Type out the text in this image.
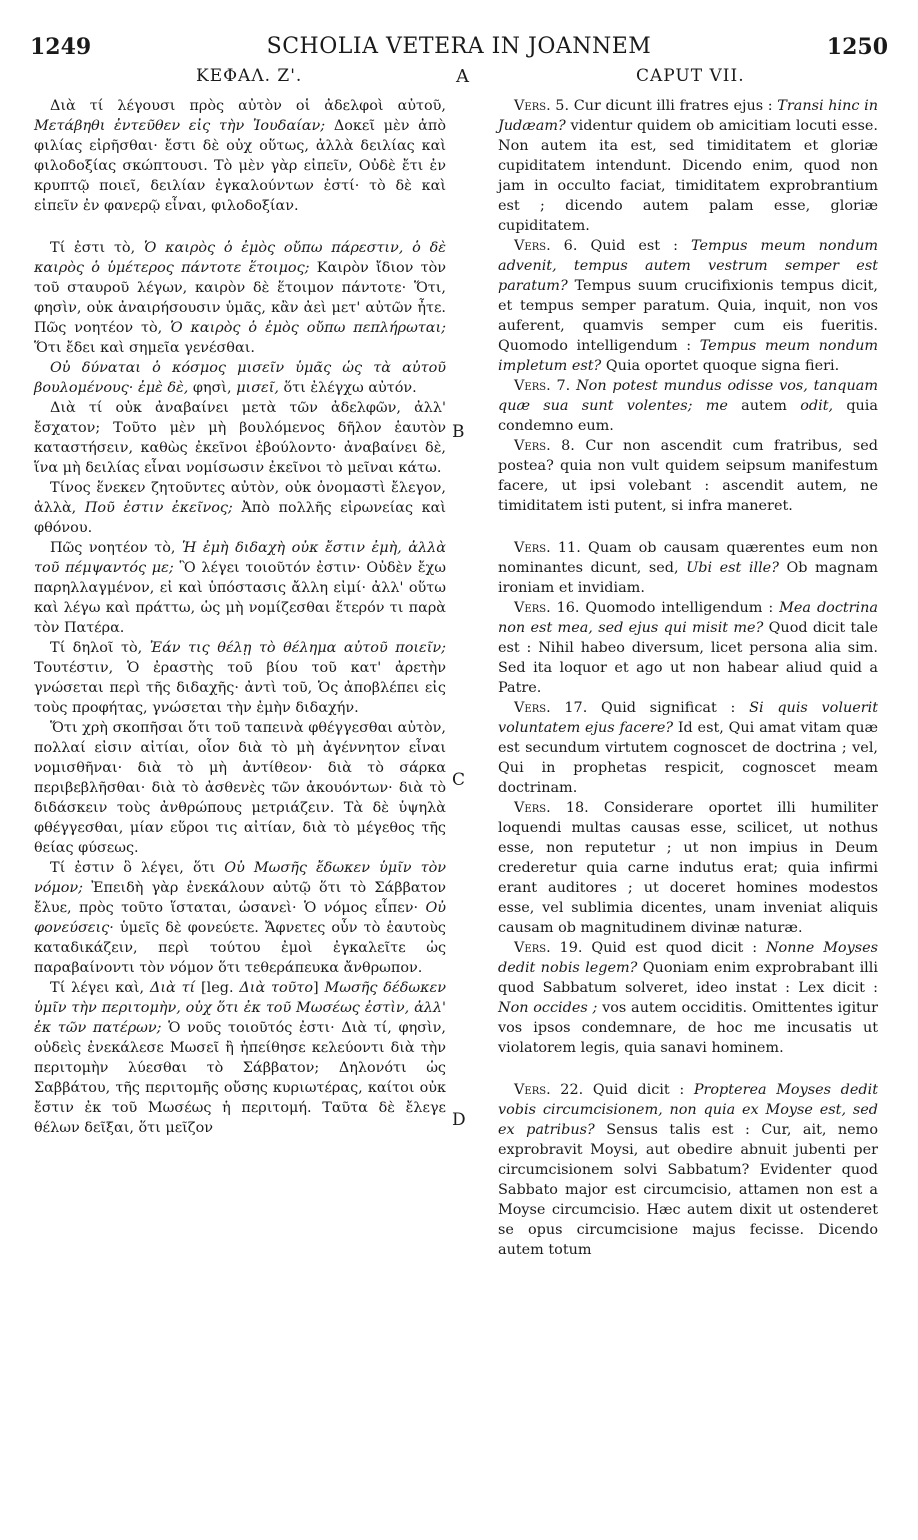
1249	SCHOLIA VETERA IN JOANNEM	1250
ΚΕΦΑΛ. Ζ'.	A	CAPUT VII.

Διὰ τί λέγουσι πρὸς αὐτὸν οἱ ἀδελφοὶ αὐτοῦ, Μετάβηθι ἐντεῦθεν εἰς τὴν Ἰουδαίαν; Δοκεῖ μὲν ἀπὸ φιλίας εἰρῆσθαι· ἔστι δὲ οὐχ οὕτως, ἀλλὰ δειλίας καὶ φιλοδοξίας σκώπτουσι. Τὸ μὲν γὰρ εἰπεῖν, Οὐδὲ ἔτι ἐν κρυπτῷ ποιεῖ, δειλίαν ἐγκαλούντων ἐστί· τὸ δὲ καὶ εἰπεῖν ἐν φανερῷ εἶναι, φιλοδοξίαν.

Τί ἐστι τὸ, Ὁ καιρὸς ὁ ἐμὸς οὔπω πάρεστιν, ὁ δὲ καιρὸς ὁ ὑμέτερος πάντοτε ἕτοιμος; Καιρὸν ἴδιον τὸν τοῦ σταυροῦ λέγων, καιρὸν δὲ ἕτοιμον πάντοτε· Ὅτι, φησὶν, οὐκ ἀναιρήσουσιν ὑμᾶς, κἂν ἀεὶ μετ' αὐτῶν ἦτε. Πῶς νοητέον τὸ, Ὁ καιρὸς ὁ ἐμὸς οὔπω πεπλήρωται; Ὅτι ἔδει καὶ σημεῖα γενέσθαι.

Οὐ δύναται ὁ κόσμος μισεῖν ὑμᾶς ὡς τὰ αὐτοῦ βουλομένους· ἐμὲ δὲ, φησὶ, μισεῖ, ὅτι ἐλέγχω αὐτόν.

Διὰ τί οὐκ ἀναβαίνει μετὰ τῶν ἀδελφῶν, ἀλλ' ἔσχατον; Τοῦτο μὲν μὴ βουλόμενος δῆλον ἑαυτὸν καταστήσειν, καθὼς ἐκεῖνοι ἐβούλοντο· ἀναβαίνει δὲ, ἵνα μὴ δειλίας εἶναι νομίσωσιν ἐκεῖνοι τὸ μεῖναι κάτω.

Τίνος ἕνεκεν ζητοῦντες αὐτὸν, οὐκ ὀνομαστὶ ἔλεγον, ἀλλὰ, Ποῦ ἐστιν ἐκεῖνος; Ἀπὸ πολλῆς εἰρωνείας καὶ φθόνου.

Πῶς νοητέον τὸ, Ἡ ἐμὴ διδαχὴ οὐκ ἔστιν ἐμὴ, ἀλλὰ τοῦ πέμψαντός με; Ὃ λέγει τοιοῦτόν ἐστιν· Οὐδὲν ἔχω παρηλλαγμένον, εἰ καὶ ὑπόστασις ἄλλη εἰμί· ἀλλ' οὕτω καὶ λέγω καὶ πράττω, ὡς μὴ νομίζεσθαι ἕτερόν τι παρὰ τὸν Πατέρα.

Τί δηλοῖ τὸ, Ἐάν τις θέλῃ τὸ θέλημα αὐτοῦ ποιεῖν; Τουτέστιν, Ὁ ἐραστὴς τοῦ βίου τοῦ κατ' ἀρετὴν γνώσεται περὶ τῆς διδαχῆς· ἀντὶ τοῦ, Ὁς ἀποβλέπει εἰς τοὺς προφήτας, γνώσεται τὴν ἐμὴν διδαχήν.

Ὅτι χρὴ σκοπῆσαι ὅτι τοῦ ταπεινὰ φθέγγεσθαι αὐτὸν, πολλαί εἰσιν αἰτίαι, οἷον διὰ τὸ μὴ ἀγέννητον εἶναι νομισθῆναι· διὰ τὸ μὴ ἀντίθεον· διὰ τὸ σάρκα περιβεβλῆσθαι· διὰ τὸ ἀσθενὲς τῶν ἀκουόντων· διὰ τὸ διδάσκειν τοὺς ἀνθρώπους μετριάζειν. Τὰ δὲ ὑψηλὰ φθέγγεσθαι, μίαν εὕροι τις αἰτίαν, διὰ τὸ μέγεθος τῆς θείας φύσεως.

Τί ἐστιν ὃ λέγει, ὅτι Οὐ Μωσῆς ἔδωκεν ὑμῖν τὸν νόμον; Ἐπειδὴ γὰρ ἐνεκάλουν αὐτῷ ὅτι τὸ Σάββατον ἔλυε, πρὸς τοῦτο ἵσταται, ὡσανεὶ· Ὁ νόμος εἶπεν· Οὐ φονεύσεις· ὑμεῖς δὲ φονεύετε. Ἄφνετες οὖν τὸ ἑαυτοὺς καταδικάζειν, περὶ τούτου ἐμοὶ ἐγκαλεῖτε ὡς παραβαίνοντι τὸν νόμον ὅτι τεθεράπευκα ἄνθρωπον.

Τί λέγει καὶ, Διὰ τί [leg. Διὰ τοῦτο] Μωσῆς δέδωκεν ὑμῖν τὴν περιτομὴν, οὐχ ὅτι ἐκ τοῦ Μωσέως ἐστὶν, ἀλλ' ἐκ τῶν πατέρων; Ὁ νοῦς τοιοῦτός ἐστι· Διὰ τί, φησὶν, οὐδεὶς ἐνεκάλεσε Μωσεῖ ἢ ἠπείθησε κελεύοντι διὰ τὴν περιτομὴν λύεσθαι τὸ Σάββατον; Δηλονότι ὡς Σαββάτου, τῆς περιτομῆς οὔσης κυριωτέρας, καίτοι οὐκ ἔστιν ἐκ τοῦ Μωσέως ἡ περιτομή. Ταῦτα δὲ ἔλεγε θέλων δεῖξαι, ὅτι μεῖζον

Vers. 5. Cur dicunt illi fratres ejus : Transi hinc in Judæam? videntur quidem ob amicitiam locuti esse. Non autem ita est, sed timiditatem et gloriæ cupiditatem intendunt. Dicendo enim, quod non jam in occulto faciat, timiditatem exprobrantium est ; dicendo autem palam esse, gloriæ cupiditatem.

Vers. 6. Quid est : Tempus meum nondum advenit, tempus autem vestrum semper est paratum? Tempus suum crucifixionis tempus dicit, et tempus semper paratum. Quia, inquit, non vos auferent, quamvis semper cum eis fueritis. Quomodo intelligendum : Tempus meum nondum impletum est? Quia oportet quoque signa fieri.

Vers. 7. Non potest mundus odisse vos, tanquam quæ sua sunt volentes; me autem odit, quia condemno eum.

Vers. 8. Cur non ascendit cum fratribus, sed postea? quia non vult quidem seipsum manifestum facere, ut ipsi volebant : ascendit autem, ne timiditatem isti putent, si infra maneret.

Vers. 11. Quam ob causam quærentes eum non nominantes dicunt, sed, Ubi est ille? Ob magnam ironiam et invidiam.

Vers. 16. Quomodo intelligendum : Mea doctrina non est mea, sed ejus qui misit me? Quod dicit tale est : Nihil habeo diversum, licet persona alia sim. Sed ita loquor et ago ut non habear aliud quid a Patre.

Vers. 17. Quid significat : Si quis voluerit voluntatem ejus facere? Id est, Qui amat vitam quæ est secundum virtutem cognoscet de doctrina ; vel, Qui in prophetas respicit, cognoscet meam doctrinam.

Vers. 18. Considerare oportet illi humiliter loquendi multas causas esse, scilicet, ut nothus esse, non reputetur ; ut non impius in Deum crederetur quia carne indutus erat; quia infirmi erant auditores ; ut doceret homines modestos esse, vel sublimia dicentes, unam inveniat aliquis causam ob magnitudinem divinæ naturæ.

Vers. 19. Quid est quod dicit : Nonne Moyses dedit nobis legem? Quoniam enim exprobrabant illi quod Sabbatum solveret, ideo instat : Lex dicit : Non occides ; vos autem occiditis. Omittentes igitur vos ipsos condemnare, de hoc me incusatis ut violatorem legis, quia sanavi hominem.

Vers. 22. Quid dicit : Propterea Moyses dedit vobis circumcisionem, non quia ex Moyse est, sed ex patribus? Sensus talis est : Cur, ait, nemo exprobravit Moysi, aut obedire abnuit jubenti per circumcisionem solvi Sabbatum? Evidenter quod Sabbato major est circumcisio, attamen non est a Moyse circumcisio. Hæc autem dixit ut ostenderet se opus circumcisione majus fecisse. Dicendo autem totum

B
C
D
